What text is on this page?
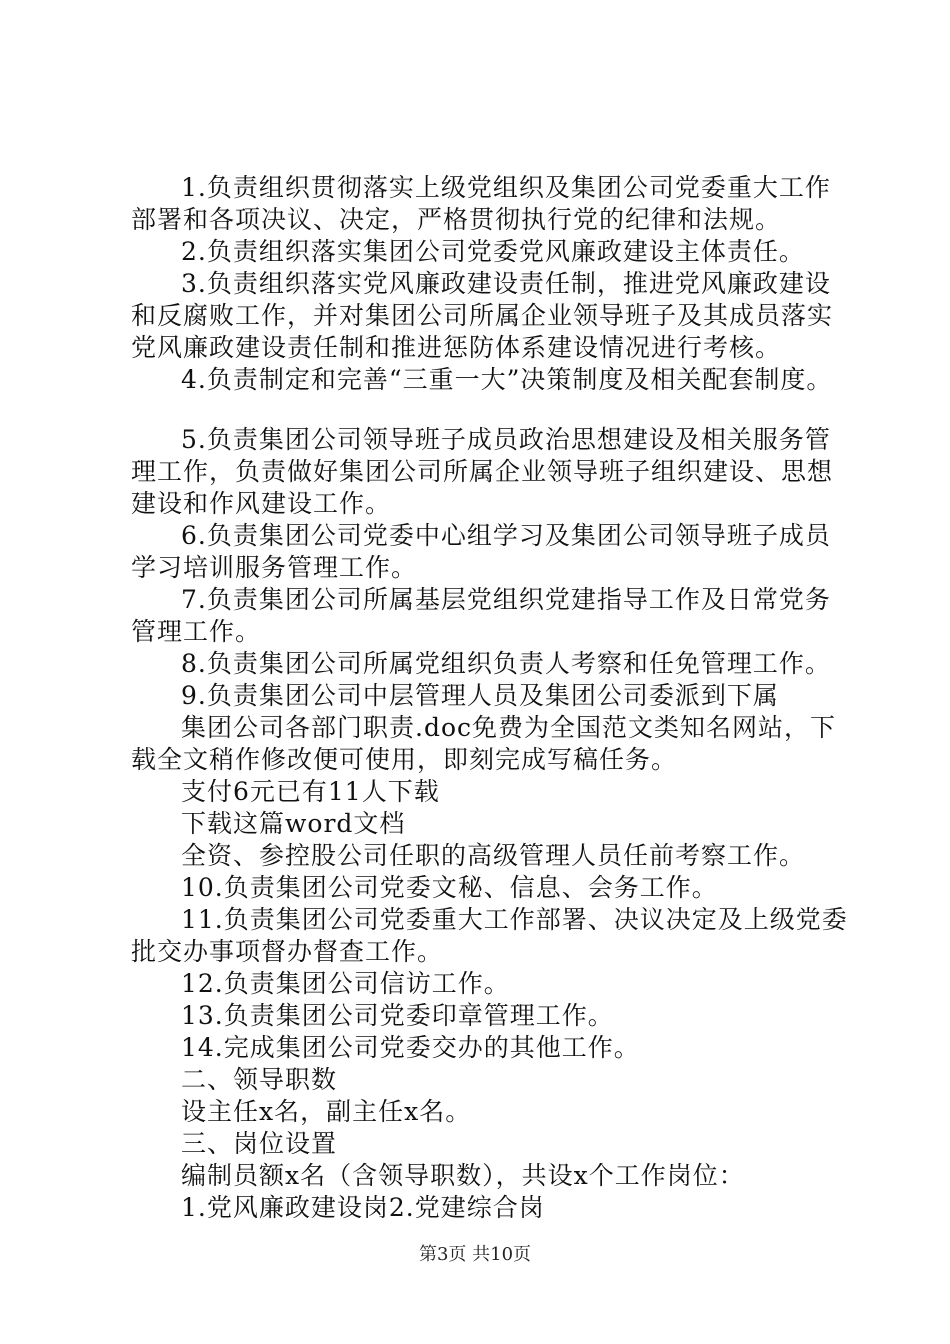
1.负责组织贯彻落实上级党组织及集团公司党委重大工作部署和各项决议、决定，严格贯彻执行党的纪律和法规。

2.负责组织落实集团公司党委党风廉政建设主体责任。

3.负责组织落实党风廉政建设责任制，推进党风廉政建设和反腐败工作，并对集团公司所属企业领导班子及其成员落实党风廉政建设责任制和推进惩防体系建设情况进行考核。

4.负责制定和完善“三重一大”决策制度及相关配套制度。

5.负责集团公司领导班子成员政治思想建设及相关服务管理工作，负责做好集团公司所属企业领导班子组织建设、思想建设和作风建设工作。

6.负责集团公司党委中心组学习及集团公司领导班子成员学习培训服务管理工作。

7.负责集团公司所属基层党组织党建指导工作及日常党务管理工作。

8.负责集团公司所属党组织负责人考察和任免管理工作。

9.负责集团公司中层管理人员及集团公司委派到下属

集团公司各部门职责.doc免费为全国范文类知名网站，下载全文稍作修改便可使用，即刻完成写稿任务。

支付6元已有11人下载

下载这篇word文档

全资、参控股公司任职的高级管理人员任前考察工作。

10.负责集团公司党委文秘、信息、会务工作。

11.负责集团公司党委重大工作部署、决议决定及上级党委批交办事项督办督查工作。

12.负责集团公司信访工作。

13.负责集团公司党委印章管理工作。

14.完成集团公司党委交办的其他工作。

二、领导职数

设主任x名，副主任x名。

三、岗位设置

编制员额x名（含领导职数），共设x个工作岗位：

1.党风廉政建设岗2.党建综合岗

第3页 共10页
